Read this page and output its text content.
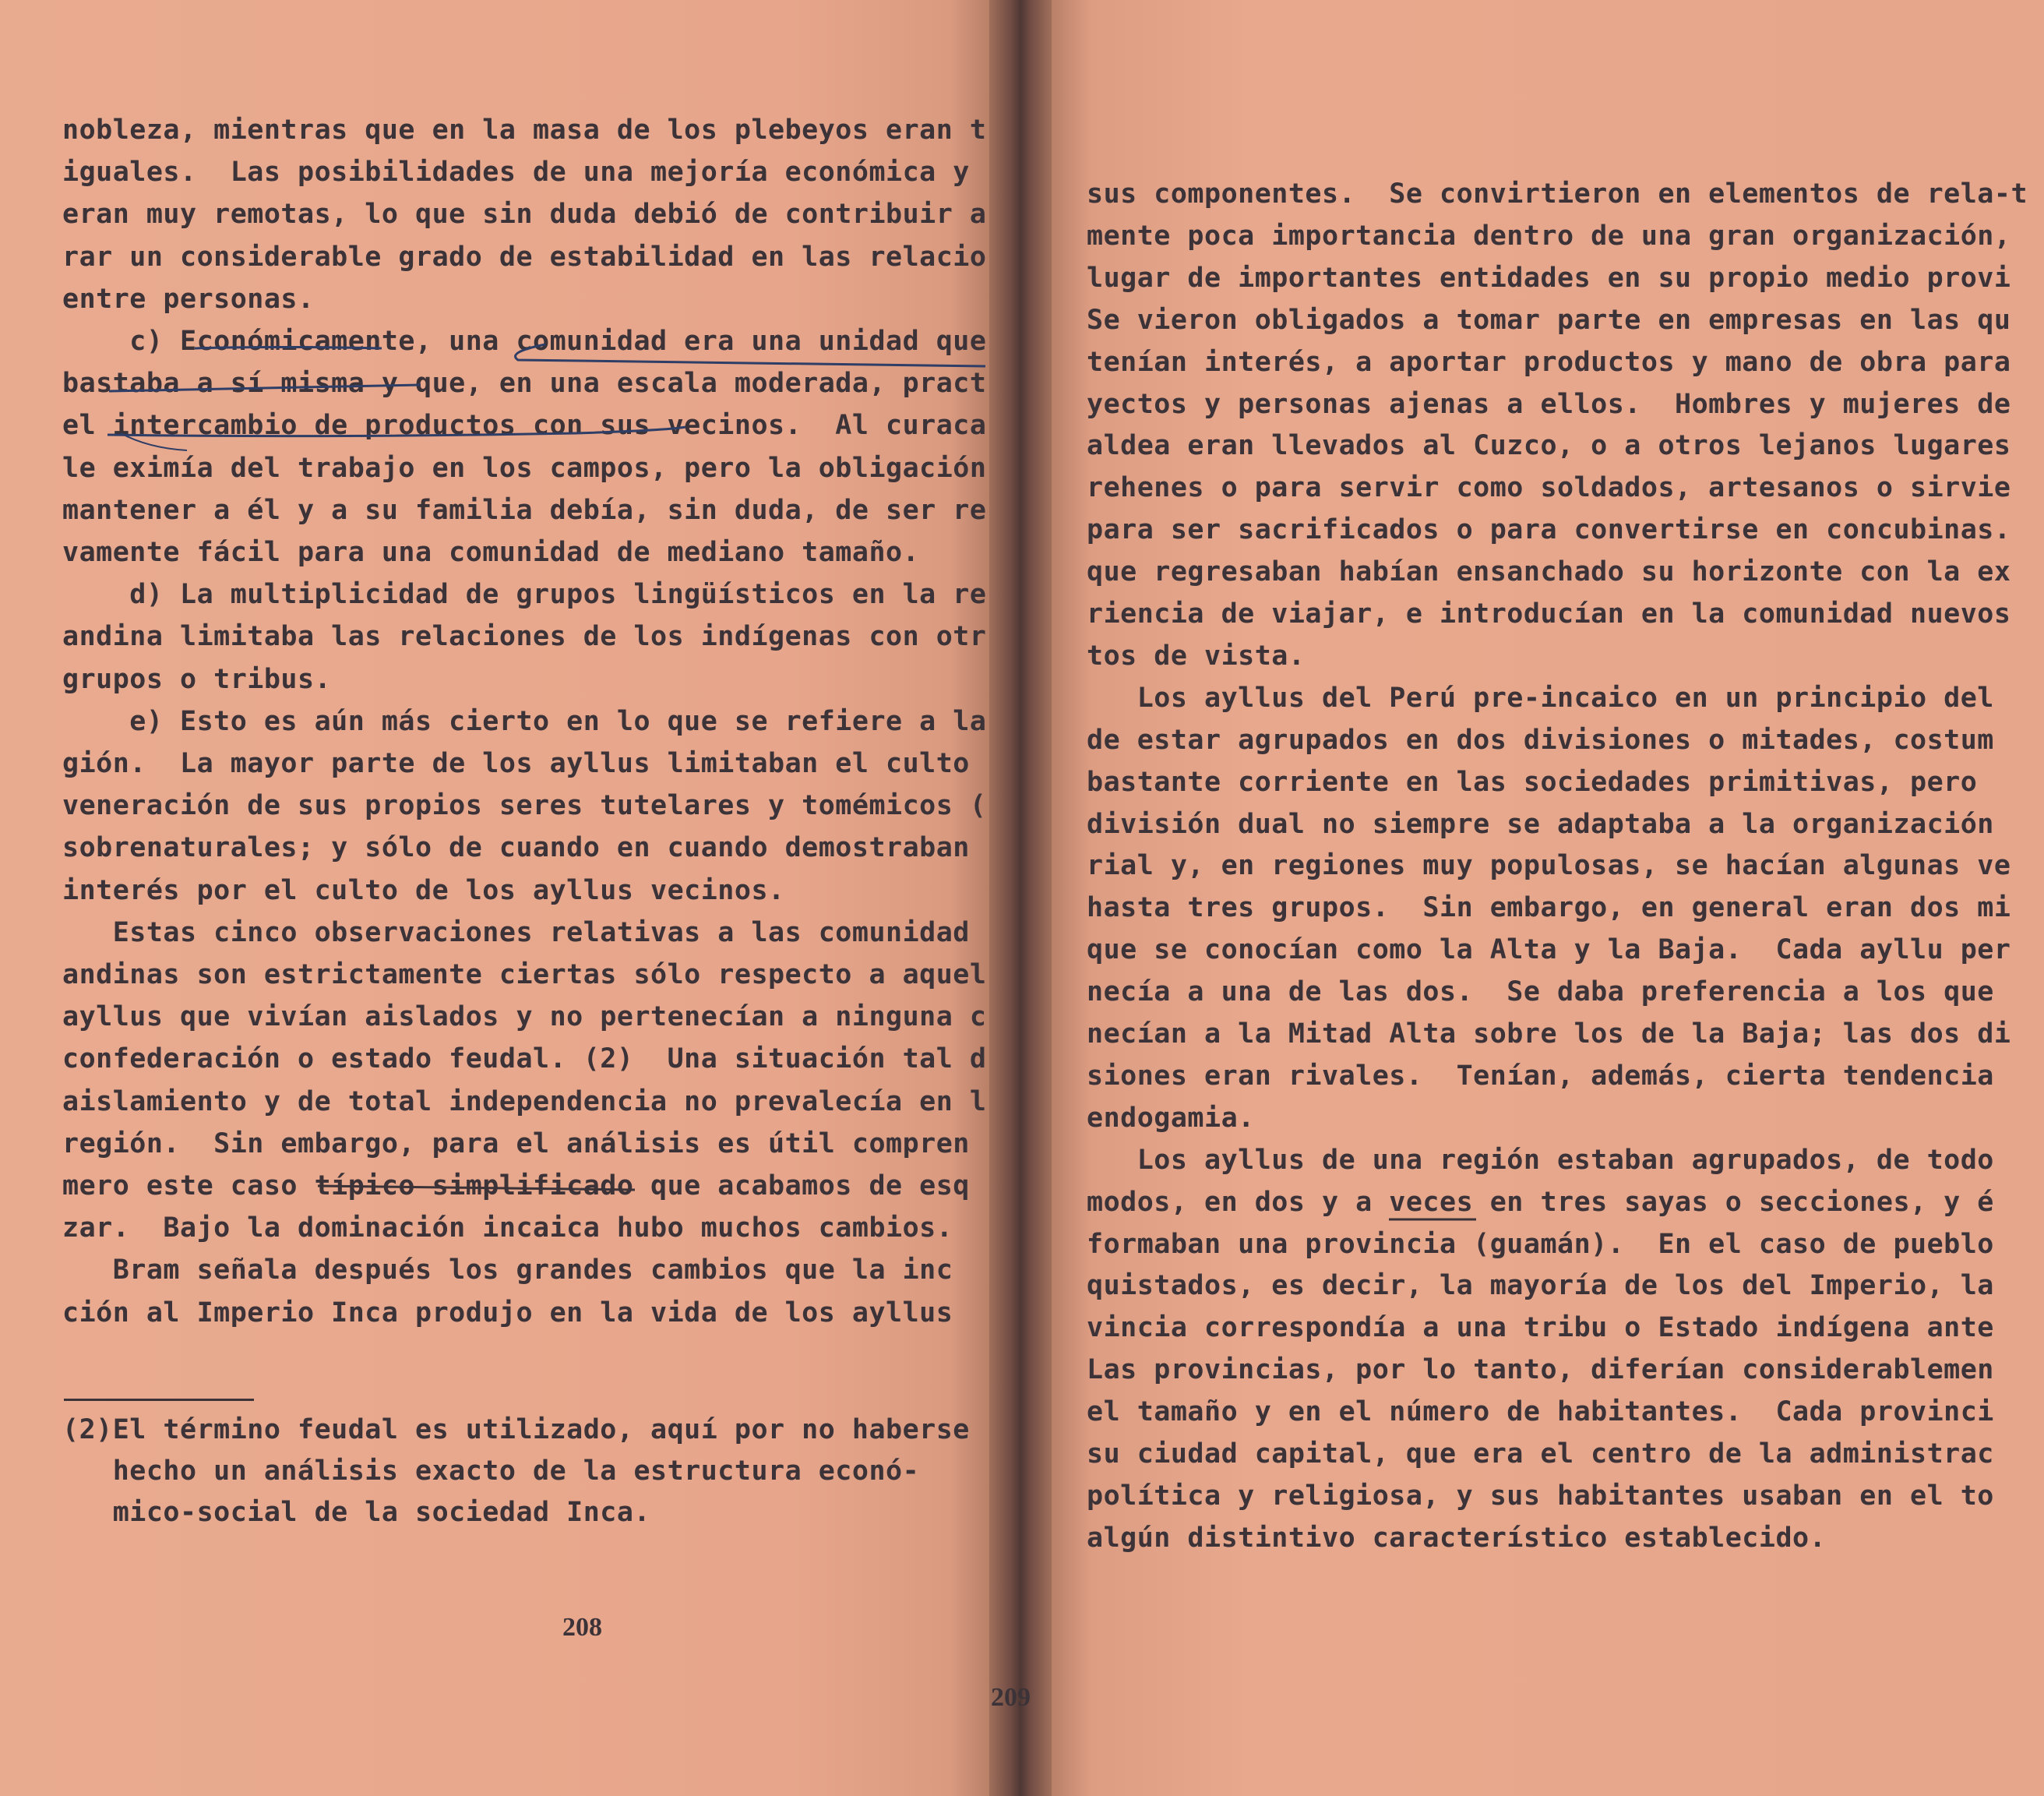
nobleza, mientras que en la masa de los plebeyos eran t
iguales.  Las posibilidades de una mejoría económica y
eran muy remotas, lo que sin duda debió de contribuir a
rar un considerable grado de estabilidad en las relacio
entre personas.
c) Económicamente, una comunidad era una unidad que
bastaba a sí misma y que, en una escala moderada, pract
el intercambio de productos con sus vecinos.  Al curaca
le eximía del trabajo en los campos, pero la obligación
mantener a él y a su familia debía, sin duda, de ser re
vamente fácil para una comunidad de mediano tamaño.
d) La multiplicidad de grupos lingüísticos en la re
andina limitaba las relaciones de los indígenas con otr
grupos o tribus.
e) Esto es aún más cierto en lo que se refiere a la
gión.  La mayor parte de los ayllus limitaban el culto
veneración de sus propios seres tutelares y tomémicos (
sobrenaturales; y sólo de cuando en cuando demostraban
interés por el culto de los ayllus vecinos.
Estas cinco observaciones relativas a las comunidad
andinas son estrictamente ciertas sólo respecto a aquel
ayllus que vivían aislados y no pertenecían a ninguna c
confederación o estado feudal. (2)  Una situación tal d
aislamiento y de total independencia no prevalecía en l
región.  Sin embargo, para el análisis es útil compren
mero este caso típico simplificado que acabamos de esq
zar.  Bajo la dominación incaica hubo muchos cambios.
Bram señala después los grandes cambios que la inc
ción al Imperio Inca produjo en la vida de los ayllus
(2)El término feudal es utilizado, aquí por no haberse
hecho un análisis exacto de la estructura econó-
mico-social de la sociedad Inca.
208
sus componentes.  Se convirtieron en elementos de rela-t
mente poca importancia dentro de una gran organización,
lugar de importantes entidades en su propio medio provi
Se vieron obligados a tomar parte en empresas en las qu
tenían interés, a aportar productos y mano de obra para
yectos y personas ajenas a ellos.  Hombres y mujeres de
aldea eran llevados al Cuzco, o a otros lejanos lugares
rehenes o para servir como soldados, artesanos o sirvie
para ser sacrificados o para convertirse en concubinas.
que regresaban habían ensanchado su horizonte con la ex
riencia de viajar, e introducían en la comunidad nuevos
tos de vista.
Los ayllus del Perú pre-incaico en un principio del
de estar agrupados en dos divisiones o mitades, costum
bastante corriente en las sociedades primitivas, pero
división dual no siempre se adaptaba a la organización
rial y, en regiones muy populosas, se hacían algunas ve
hasta tres grupos.  Sin embargo, en general eran dos mi
que se conocían como la Alta y la Baja.  Cada ayllu per
necía a una de las dos.  Se daba preferencia a los que
necían a la Mitad Alta sobre los de la Baja; las dos di
siones eran rivales.  Tenían, además, cierta tendencia
endogamia.
Los ayllus de una región estaban agrupados, de todo
modos, en dos y a veces en tres sayas o secciones, y é
formaban una provincia (guamán).  En el caso de pueblo
quistados, es decir, la mayoría de los del Imperio, la
vincia correspondía a una tribu o Estado indígena ante
Las provincias, por lo tanto, diferían considerablemen
el tamaño y en el número de habitantes.  Cada provinci
su ciudad capital, que era el centro de la administrac
política y religiosa, y sus habitantes usaban en el to
algún distintivo característico establecido.
209
